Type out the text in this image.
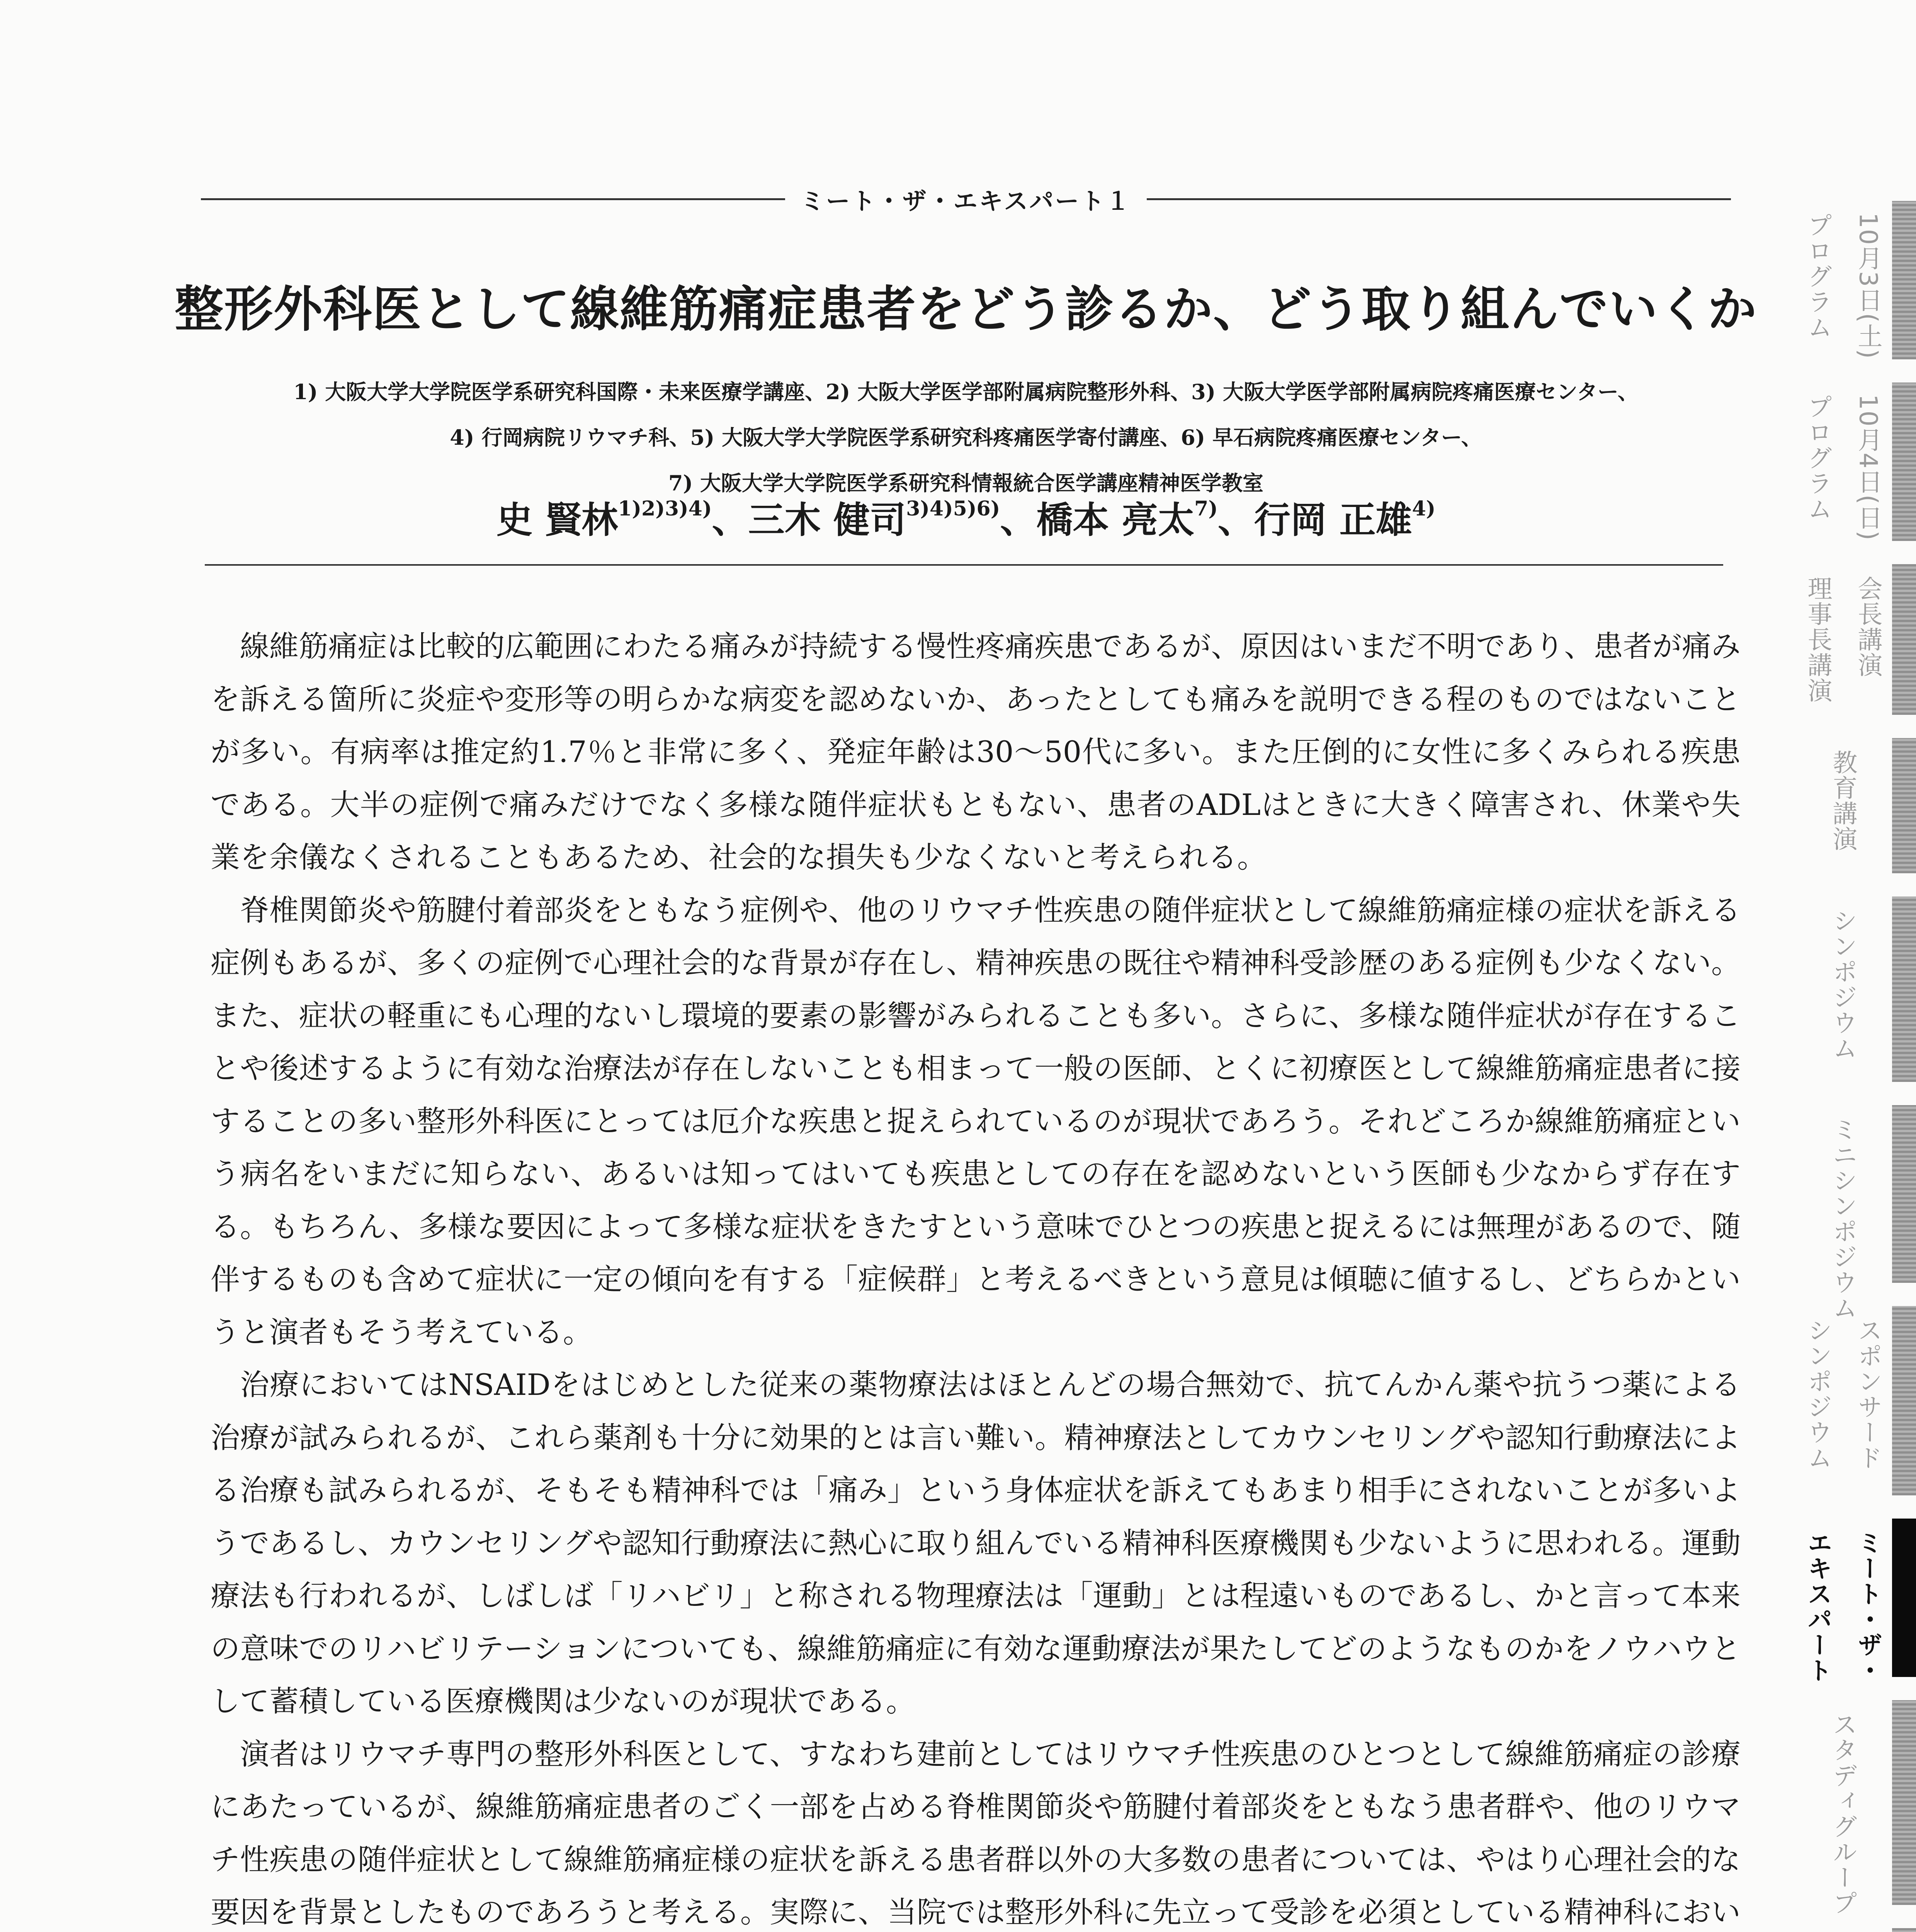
ミート・ザ・エキスパート１
整形外科医として線維筋痛症患者をどう診るか、どう取り組んでいくか
1) 大阪大学大学院医学系研究科国際・未来医療学講座、2) 大阪大学医学部附属病院整形外科、3) 大阪大学医学部附属病院疼痛医療センター、
4) 行岡病院リウマチ科、5) 大阪大学大学院医学系研究科疼痛医学寄付講座、6) 早石病院疼痛医療センター、
7) 大阪大学大学院医学系研究科情報統合医学講座精神医学教室
史 賢林$^{1)2)3)4)}$、三木 健司$^{3)4)5)6)}$、橋本 亮太$^{7)}$、行岡 正雄$^{4)}$

線維筋痛症は比較的広範囲にわたる痛みが持続する慢性疼痛疾患であるが、原因はいまだ不明であり、患者が痛みを訴える箇所に炎症や変形等の明らかな病変を認めないか、あったとしても痛みを説明できる程のものではないことが多い。有病率は推定約1.7％と非常に多く、発症年齢は30～50代に多い。また圧倒的に女性に多くみられる疾患である。大半の症例で痛みだけでなく多様な随伴症状もともない、患者のADLはときに大きく障害され、休業や失業を余儀なくされることもあるため、社会的な損失も少なくないと考えられる。

脊椎関節炎や筋腱付着部炎をともなう症例や、他のリウマチ性疾患の随伴症状として線維筋痛症様の症状を訴える症例もあるが、多くの症例で心理社会的な背景が存在し、精神疾患の既往や精神科受診歴のある症例も少なくない。また、症状の軽重にも心理的ないし環境的要素の影響がみられることも多い。さらに、多様な随伴症状が存在することや後述するように有効な治療法が存在しないことも相まって一般の医師、とくに初療医として線維筋痛症患者に接することの多い整形外科医にとっては厄介な疾患と捉えられているのが現状であろう。それどころか線維筋痛症という病名をいまだに知らない、あるいは知ってはいても疾患としての存在を認めないという医師も少なからず存在する。もちろん、多様な要因によって多様な症状をきたすという意味でひとつの疾患と捉えるには無理があるので、随伴するものも含めて症状に一定の傾向を有する「症候群」と考えるべきという意見は傾聴に値するし、どちらかというと演者もそう考えている。

治療においてはNSAIDをはじめとした従来の薬物療法はほとんどの場合無効で、抗てんかん薬や抗うつ薬による治療が試みられるが、これら薬剤も十分に効果的とは言い難い。精神療法としてカウンセリングや認知行動療法による治療も試みられるが、そもそも精神科では「痛み」という身体症状を訴えてもあまり相手にされないことが多いようであるし、カウンセリングや認知行動療法に熱心に取り組んでいる精神科医療機関も少ないように思われる。運動療法も行われるが、しばしば「リハビリ」と称される物理療法は「運動」とは程遠いものであるし、かと言って本来の意味でのリハビリテーションについても、線維筋痛症に有効な運動療法が果たしてどのようなものかをノウハウとして蓄積している医療機関は少ないのが現状である。

演者はリウマチ専門の整形外科医として、すなわち建前としてはリウマチ性疾患のひとつとして線維筋痛症の診療にあたっているが、線維筋痛症患者のごく一部を占める脊椎関節炎や筋腱付着部炎をともなう患者群や、他のリウマチ性疾患の随伴症状として線維筋痛症様の症状を訴える患者群以外の大多数の患者については、やはり心理社会的な要因を背景としたものであろうと考える。実際に、当院では整形外科に先立って受診を必須としている精神科におい

10月3日(土)
プログラム
10月4日(日)
プログラム
会長講演
理事長講演
教育講演
シンポジウム
ミニシンポジウム
スポンサード
シンポジウム
ミート・ザ・
エキスパート
スタディグループ
